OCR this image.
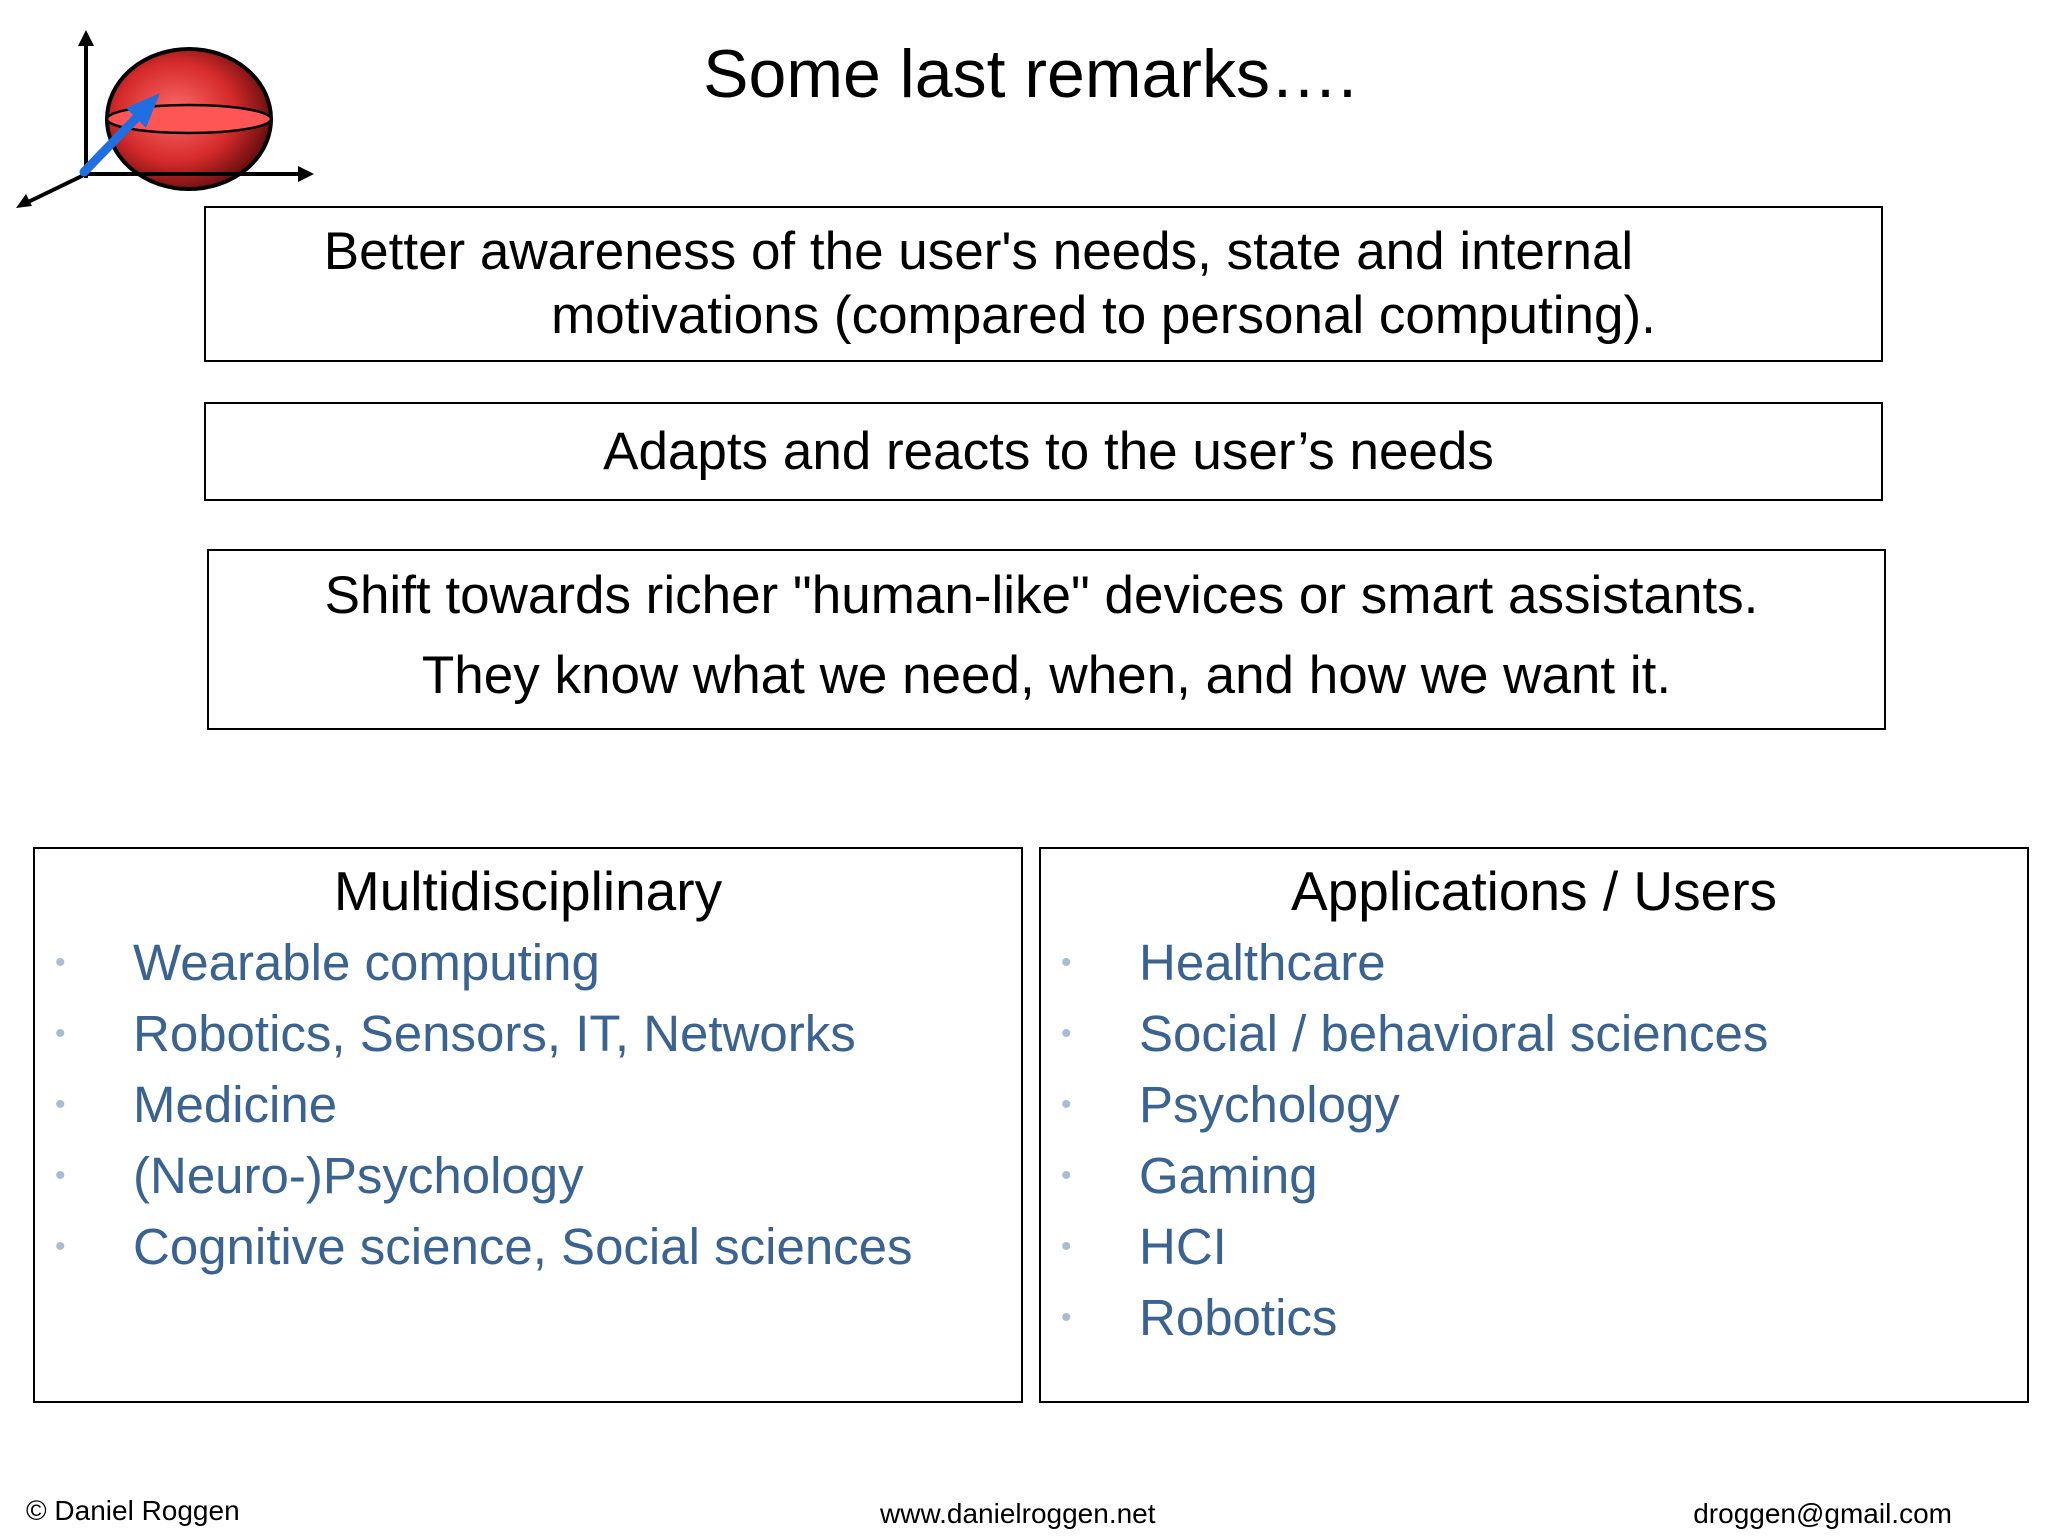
Some last remarks….
Better awareness of the user's needs, state and internal
motivations (compared to personal computing).
Adapts and reacts to the user’s needs
Shift towards richer "human-like" devices or smart assistants.
They know what we need, when, and how we want it.
Multidisciplinary
• Wearable computing
• Robotics, Sensors, IT, Networks
• Medicine
• (Neuro-)Psychology
• Cognitive science, Social sciences
Applications / Users
• Healthcare
• Social / behavioral sciences
• Psychology
• Gaming
• HCI
• Robotics
© Daniel Roggen	www.danielroggen.net	droggen@gmail.com
